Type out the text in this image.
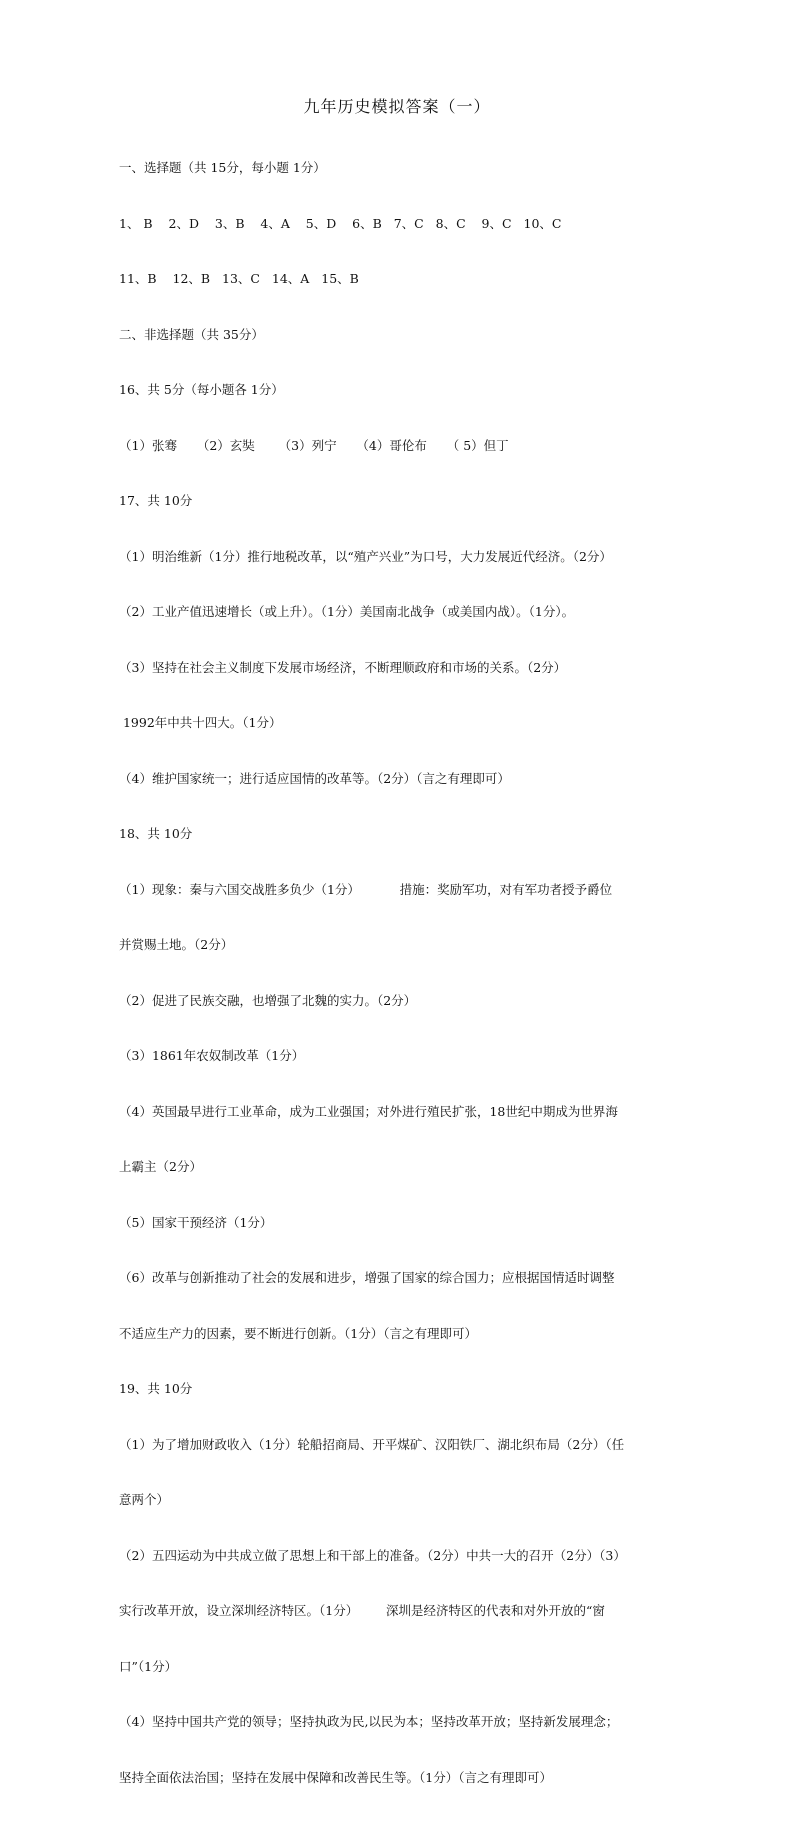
九年历史模拟答案（一）

一、选择题（共 15分，每小题 1分）

1、 B    2、D    3、B    4、A    5、D    6、B   7、C   8、C    9、C   10、C

11、B    12、B   13、C   14、A   15、B

二、非选择题（共 35分）

16、共 5分（每小题各 1分）

（1）张骞     （2）玄奘      （3）列宁     （4）哥伦布     （ 5）但丁

17、共 10分

（1）明治维新（1分）推行地税改革，以“殖产兴业”为口号，大力发展近代经济。（2分）

（2）工业产值迅速增长（或上升）。（1分）美国南北战争（或美国内战）。（1分）。

（3）坚持在社会主义制度下发展市场经济，不断理顺政府和市场的关系。（2分）

1992年中共十四大。（1分）

（4）维护国家统一；进行适应国情的改革等。（2分）（言之有理即可）

18、共 10分

（1）现象：秦与六国交战胜多负少（1分）          措施：奖励军功，对有军功者授予爵位

并赏赐土地。（2分）

（2）促进了民族交融，也增强了北魏的实力。（2分）

（3）1861年农奴制改革（1分）

（4）英国最早进行工业革命，成为工业强国；对外进行殖民扩张，18世纪中期成为世界海

上霸主（2分）

（5）国家干预经济（1分）

（6）改革与创新推动了社会的发展和进步，增强了国家的综合国力；应根据国情适时调整

不适应生产力的因素，要不断进行创新。（1分）（言之有理即可）

19、共 10分

（1）为了增加财政收入（1分）轮船招商局、开平煤矿、汉阳铁厂、湖北织布局（2分）（任

意两个）

（2）五四运动为中共成立做了思想上和干部上的准备。（2分）中共一大的召开（2分）（3）

实行改革开放，设立深圳经济特区。（1分）       深圳是经济特区的代表和对外开放的“窗

口”（1分）

（4）坚持中国共产党的领导；坚持执政为民,以民为本；坚持改革开放；坚持新发展理念；

坚持全面依法治国；坚持在发展中保障和改善民生等。（1分）（言之有理即可）
